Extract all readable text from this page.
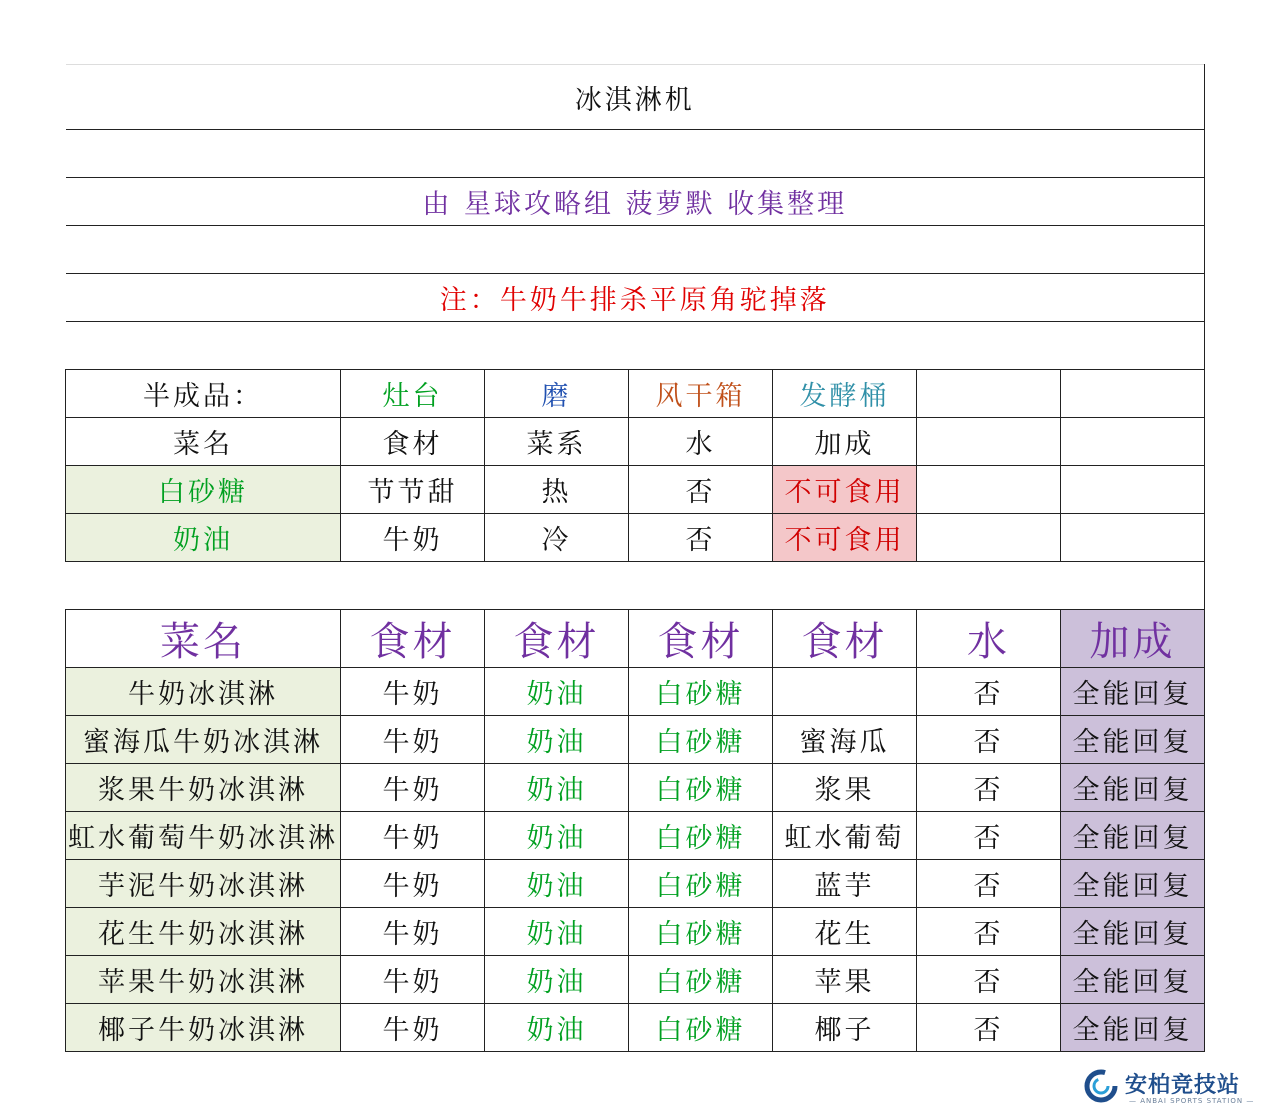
冰淇淋机						

由 星球攻略组 菠萝默 收集整理						

注：牛奶牛排杀平原角驼掉落						

半成品：	灶台	磨	风干箱	发酵桶		
菜名	食材	菜系	水	加成		
白砂糖	节节甜	热	否	不可食用		
奶油	牛奶	冷	否	不可食用		

菜名	食材	食材	食材	食材	水	加成
牛奶冰淇淋	牛奶	奶油	白砂糖		否	全能回复
蜜海瓜牛奶冰淇淋	牛奶	奶油	白砂糖	蜜海瓜	否	全能回复
浆果牛奶冰淇淋	牛奶	奶油	白砂糖	浆果	否	全能回复
虹水葡萄牛奶冰淇淋	牛奶	奶油	白砂糖	虹水葡萄	否	全能回复
芋泥牛奶冰淇淋	牛奶	奶油	白砂糖	蓝芋	否	全能回复
花生牛奶冰淇淋	牛奶	奶油	白砂糖	花生	否	全能回复
苹果牛奶冰淇淋	牛奶	奶油	白砂糖	苹果	否	全能回复
椰子牛奶冰淇淋	牛奶	奶油	白砂糖	椰子	否	全能回复
安柏竞技站
— ANBAI SPORTS STATION —
